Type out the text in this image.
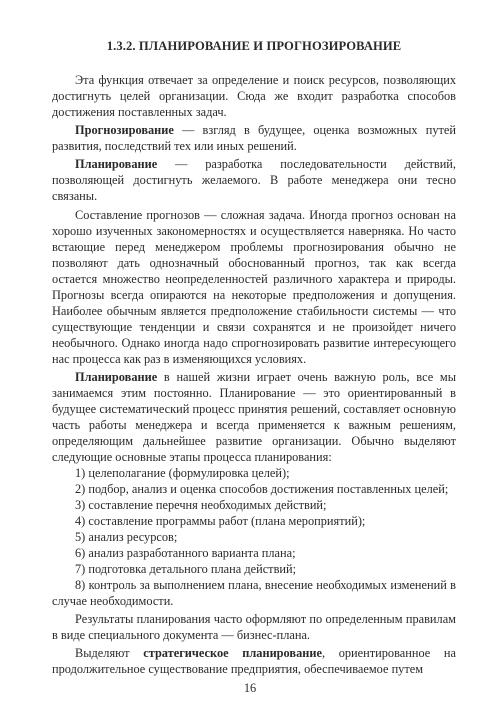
1.3.2. ПЛАНИРОВАНИЕ И ПРОГНОЗИРОВАНИЕ

Эта функция отвечает за определение и поиск ресурсов, позволяющих достигнуть целей организации. Сюда же входит разработка способов достижения поставленных задач.

Прогнозирование — взгляд в будущее, оценка возможных путей развития, последствий тех или иных решений.

Планирование — разработка последовательности действий, позволяющей достигнуть желаемого. В работе менеджера они тесно связаны.

Составление прогнозов — сложная задача. Иногда прогноз основан на хорошо изученных закономерностях и осуществляется наверняка. Но часто встающие перед менеджером проблемы прогнозирования обычно не позволяют дать однозначный обоснованный прогноз, так как всегда остается множество неопределенностей различного характера и природы. Прогнозы всегда опираются на некоторые предположения и допущения. Наиболее обычным является предположение стабильности системы — что существующие тенденции и связи сохранятся и не произойдет ничего необычного. Однако иногда надо спрогнозировать развитие интересующего нас процесса как раз в изменяющихся условиях.

Планирование в нашей жизни играет очень важную роль, все мы занимаемся этим постоянно. Планирование — это ориентированный в будущее систематический процесс принятия решений, составляет основную часть работы менеджера и всегда применяется к важным решениям, определяющим дальнейшее развитие организации. Обычно выделяют следующие основные этапы процесса планирования:

1) целеполагание (формулировка целей);

2) подбор, анализ и оценка способов достижения поставленных целей;

3) составление перечня необходимых действий;

4) составление программы работ (плана мероприятий);

5) анализ ресурсов;

6) анализ разработанного варианта плана;

7) подготовка детального плана действий;

8) контроль за выполнением плана, внесение необходимых изменений в случае необходимости.

Результаты планирования часто оформляют по определенным правилам в виде специального документа — бизнес-плана.

Выделяют стратегическое планирование, ориентированное на продолжительное существование предприятия, обеспечиваемое путем

16
